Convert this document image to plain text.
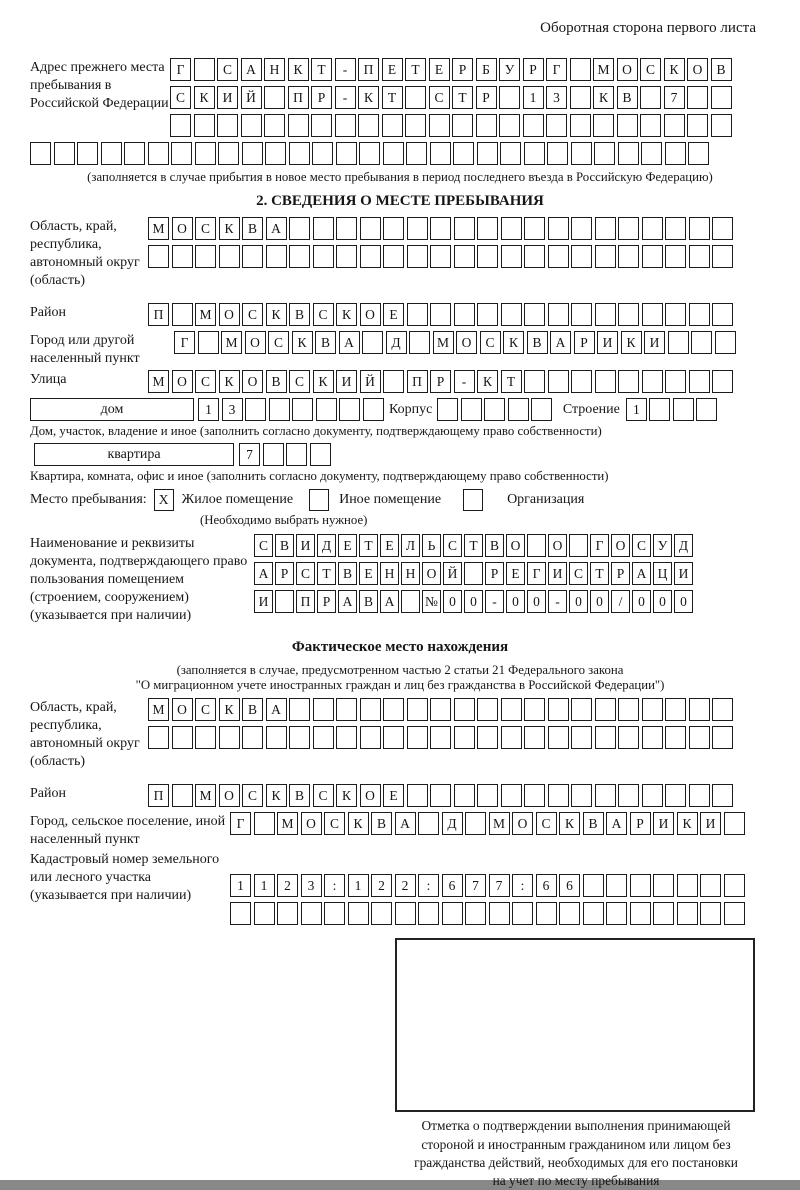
Оборотная сторона первого листа
Адрес прежнего места пребывания в Российской Федерации
Г	С А Н К Т - П Е Т Е Р Б У Р Г	М О С К О В
С К И Й	П Р - К Т	С Т Р	1 3	К В	7
(заполняется в случае прибытия в новое место пребывания в период последнего въезда в Российскую Федерацию)
2. СВЕДЕНИЯ О МЕСТЕ ПРЕБЫВАНИЯ
Область, край, республика, автономный округ (область)
М О С К В А
Район	П	М О С К В С К О Е
Город или другой населенный пункт
Г	М О С К В А	Д	М О С К В А Р И К И
Улица	М О С К О В С К И Й	П Р - К Т
дом	1 3	Корпус	Строение 1
Дом, участок, владение и иное (заполнить согласно документу, подтверждающему право собственности)
квартира	7
Квартира, комната, офис и иное (заполнить согласно документу, подтверждающему право собственности)
Место пребывания: X Жилое помещение	Иное помещение	Организация
(Необходимо выбрать нужное)
Наименование и реквизиты документа, подтверждающего право пользования помещением (строением, сооружением) (указывается при наличии)
С В И Д Е Т Е Л Ь С Т В О О Г О С У Д
А Р С Т В Е Н Н О Й Р Е Г И С Т Р А Ц И
И П Р А В А № 0 0 - 0 0 - 0 0 / 0 0 0
Фактическое место нахождения
(заполняется в случае, предусмотренном частью 2 статьи 21 Федерального закона
"О миграционном учете иностранных граждан и лиц без гражданства в Российской Федерации")
Область, край, республика, автономный округ (область)
М О С К В А
Район	П	М О С К В С К О Е
Город, сельское поселение, иной населенный пункт
Г	М О С К В А	Д	М О С К В А Р И К И
Кадастровый номер земельного или лесного участка (указывается при наличии)
1 1 2 3 : 1 2 2 : 6 7 7 : 6 6
Отметка о подтверждении выполнения принимающей
стороной и иностранным гражданином или лицом без
гражданства действий, необходимых для его постановки
на учет по месту пребывания
